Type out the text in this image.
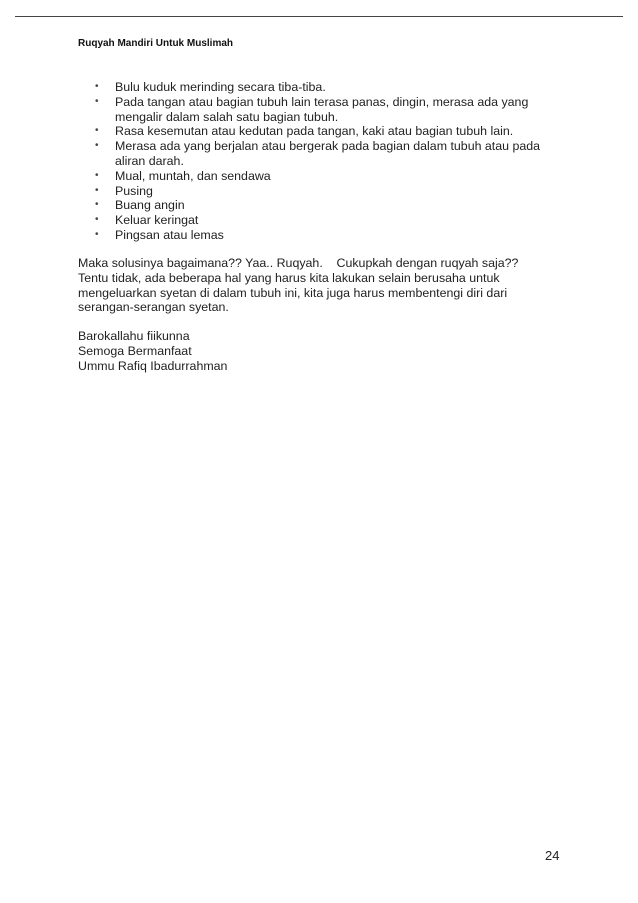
Ruqyah Mandiri Untuk Muslimah
•	Bulu kuduk merinding secara tiba-tiba.
•	Pada tangan atau bagian tubuh lain terasa panas, dingin, merasa ada yang mengalir dalam salah satu bagian tubuh.
•	Rasa kesemutan atau kedutan pada tangan, kaki atau bagian tubuh lain.
•	Merasa ada yang berjalan atau bergerak pada bagian dalam tubuh atau pada aliran darah.
•	Mual, muntah, dan sendawa
•	Pusing
•	Buang angin
•	Keluar keringat
•	Pingsan atau lemas
Maka solusinya bagaimana?? Yaa.. Ruqyah.    Cukupkah dengan ruqyah saja??
Tentu tidak, ada beberapa hal yang harus kita lakukan selain berusaha untuk
mengeluarkan syetan di dalam tubuh ini, kita juga harus membentengi diri dari
serangan-serangan syetan.
Barokallahu fiikunna
Semoga Bermanfaat
Ummu Rafiq Ibadurrahman
24
